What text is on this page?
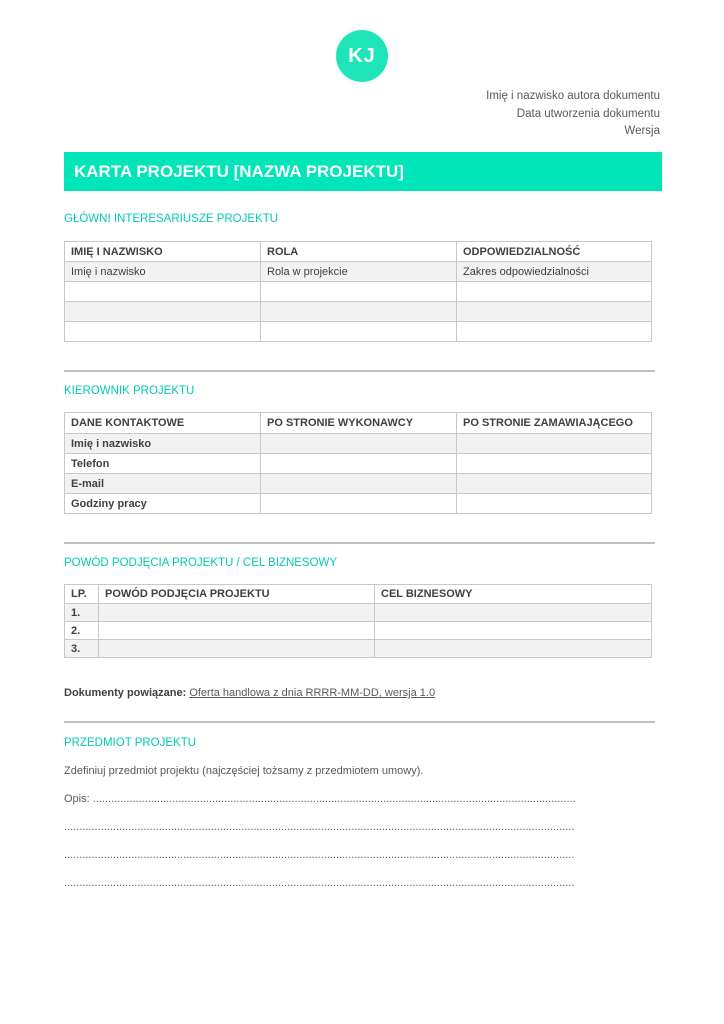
KJ
Imię i nazwisko autora dokumentu
Data utworzenia dokumentu
Wersja
KARTA PROJEKTU [NAZWA PROJEKTU]
GŁÓWNI INTERESARIUSZE PROJEKTU
IMIĘ I NAZWISKO	ROLA	ODPOWIEDZIALNOŚĆ
Imię i nazwisko	Rola w projekcie	Zakres odpowiedzialności

KIEROWNIK PROJEKTU
DANE KONTAKTOWE	PO STRONIE WYKONAWCY	PO STRONIE ZAMAWIAJĄCEGO
Imię i nazwisko		
Telefon		
E-mail		
Godziny pracy		
POWÓD PODJĘCIA PROJEKTU / CEL BIZNESOWY
LP.	POWÓD PODJĘCIA PROJEKTU	CEL BIZNESOWY
1.		
2.		
3.		
Dokumenty powiązane: Oferta handlowa z dnia RRRR-MM-DD, wersja 1.0
PRZEDMIOT PROJEKTU
Zdefiniuj przedmiot projektu (najczęściej tożsamy z przedmiotem umowy).
Opis: ..............................................................................................................................................................
.......................................................................................................................................................................
.......................................................................................................................................................................
.......................................................................................................................................................................
